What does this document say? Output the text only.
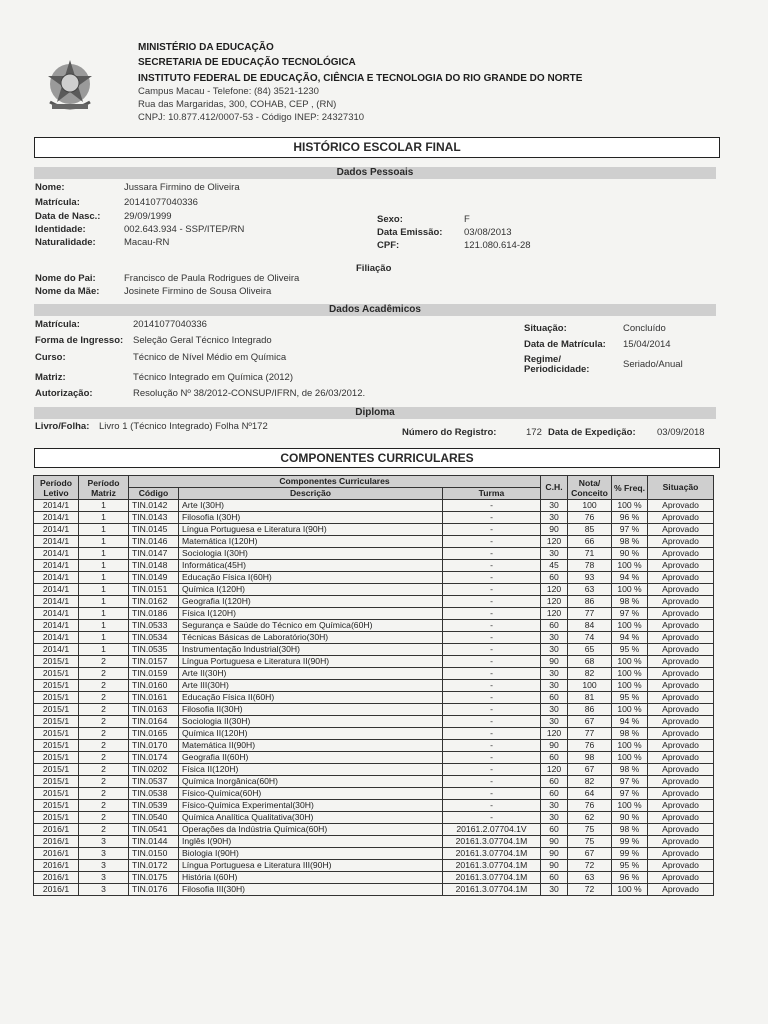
MINISTÉRIO DA EDUCAÇÃO
SECRETARIA DE EDUCAÇÃO TECNOLÓGICA
INSTITUTO FEDERAL DE EDUCAÇÃO, CIÊNCIA E TECNOLOGIA DO RIO GRANDE DO NORTE
Campus Macau - Telefone: (84) 3521-1230
Rua das Margaridas, 300, COHAB, CEP , (RN)
CNPJ: 10.877.412/0007-53 - Código INEP: 24327310
HISTÓRICO ESCOLAR FINAL
Dados Pessoais
Nome:	Jussara Firmino de Oliveira
Matrícula:	20141077040336
Data de Nasc.: 29/09/1999
Identidade:	002.643.934 - SSP/ITEP/RN
Naturalidade:	Macau-RN
Sexo:	F
Data Emissão: 03/08/2013
CPF:	121.080.614-28
Filiação
Nome do Pai:	Francisco de Paula Rodrigues de Oliveira
Nome da Mãe:	Josinete Firmino de Sousa Oliveira
Dados Acadêmicos
Matrícula:	20141077040336
Forma de Ingresso: Seleção Geral Técnico Integrado
Curso:	Técnico de Nível Médio em Química
Matriz:	Técnico Integrado em Química (2012)
Autorização:	Resolução Nº 38/2012-CONSUP/IFRN, de 26/03/2012.
Situação:	Concluído
Data de Matrícula: 15/04/2014
Regime/
Periodicidade:	Seriado/Anual
Diploma
Livro/Folha: Livro 1 (Técnico Integrado) Folha Nº172
Número do Registro:	172 Data de Expedição: 03/09/2018
COMPONENTES CURRICULARES
Período Letivo	Período Matriz	Componentes Curriculares			C.H.	Nota/ Conceito	% Freq.	Situação
		Código	Descrição	Turma				
2014/1	1	TIN.0142	Arte I(30H)	-	30	100	100 %	Aprovado
2014/1	1	TIN.0143	Filosofia I(30H)	-	30	76	96 %	Aprovado
2014/1	1	TIN.0145	Língua Portuguesa e Literatura I(90H)	-	90	85	97 %	Aprovado
2014/1	1	TIN.0146	Matemática I(120H)	-	120	66	98 %	Aprovado
2014/1	1	TIN.0147	Sociologia I(30H)	-	30	71	90 %	Aprovado
2014/1	1	TIN.0148	Informática(45H)	-	45	78	100 %	Aprovado
2014/1	1	TIN.0149	Educação Física I(60H)	-	60	93	94 %	Aprovado
2014/1	1	TIN.0151	Química I(120H)	-	120	63	100 %	Aprovado
2014/1	1	TIN.0162	Geografia I(120H)	-	120	86	98 %	Aprovado
2014/1	1	TIN.0186	Física I(120H)	-	120	77	97 %	Aprovado
2014/1	1	TIN.0533	Segurança e Saúde do Técnico em Química(60H)	-	60	84	100 %	Aprovado
2014/1	1	TIN.0534	Técnicas Básicas de Laboratório(30H)	-	30	74	94 %	Aprovado
2014/1	1	TIN.0535	Instrumentação Industrial(30H)	-	30	65	95 %	Aprovado
2015/1	2	TIN.0157	Língua Portuguesa e Literatura II(90H)	-	90	68	100 %	Aprovado
2015/1	2	TIN.0159	Arte II(30H)	-	30	82	100 %	Aprovado
2015/1	2	TIN.0160	Arte III(30H)	-	30	100	100 %	Aprovado
2015/1	2	TIN.0161	Educação Física II(60H)	-	60	81	95 %	Aprovado
2015/1	2	TIN.0163	Filosofia II(30H)	-	30	86	100 %	Aprovado
2015/1	2	TIN.0164	Sociologia II(30H)	-	30	67	94 %	Aprovado
2015/1	2	TIN.0165	Química II(120H)	-	120	77	98 %	Aprovado
2015/1	2	TIN.0170	Matemática II(90H)	-	90	76	100 %	Aprovado
2015/1	2	TIN.0174	Geografia II(60H)	-	60	98	100 %	Aprovado
2015/1	2	TIN.0202	Física II(120H)	-	120	67	98 %	Aprovado
2015/1	2	TIN.0537	Química Inorgânica(60H)	-	60	82	97 %	Aprovado
2015/1	2	TIN.0538	Físico-Química(60H)	-	60	64	97 %	Aprovado
2015/1	2	TIN.0539	Físico-Química Experimental(30H)	-	30	76	100 %	Aprovado
2015/1	2	TIN.0540	Química Analítica Qualitativa(30H)	-	30	62	90 %	Aprovado
2016/1	2	TIN.0541	Operações da Indústria Química(60H)	20161.2.07704.1V	60	75	98 %	Aprovado
2016/1	3	TIN.0144	Inglês I(90H)	20161.3.07704.1M	90	75	99 %	Aprovado
2016/1	3	TIN.0150	Biologia I(90H)	20161.3.07704.1M	90	67	99 %	Aprovado
2016/1	3	TIN.0172	Língua Portuguesa e Literatura III(90H)	20161.3.07704.1M	90	72	95 %	Aprovado
2016/1	3	TIN.0175	História I(60H)	20161.3.07704.1M	60	63	96 %	Aprovado
2016/1	3	TIN.0176	Filosofia III(30H)	20161.3.07704.1M	30	72	100 %	Aprovado
